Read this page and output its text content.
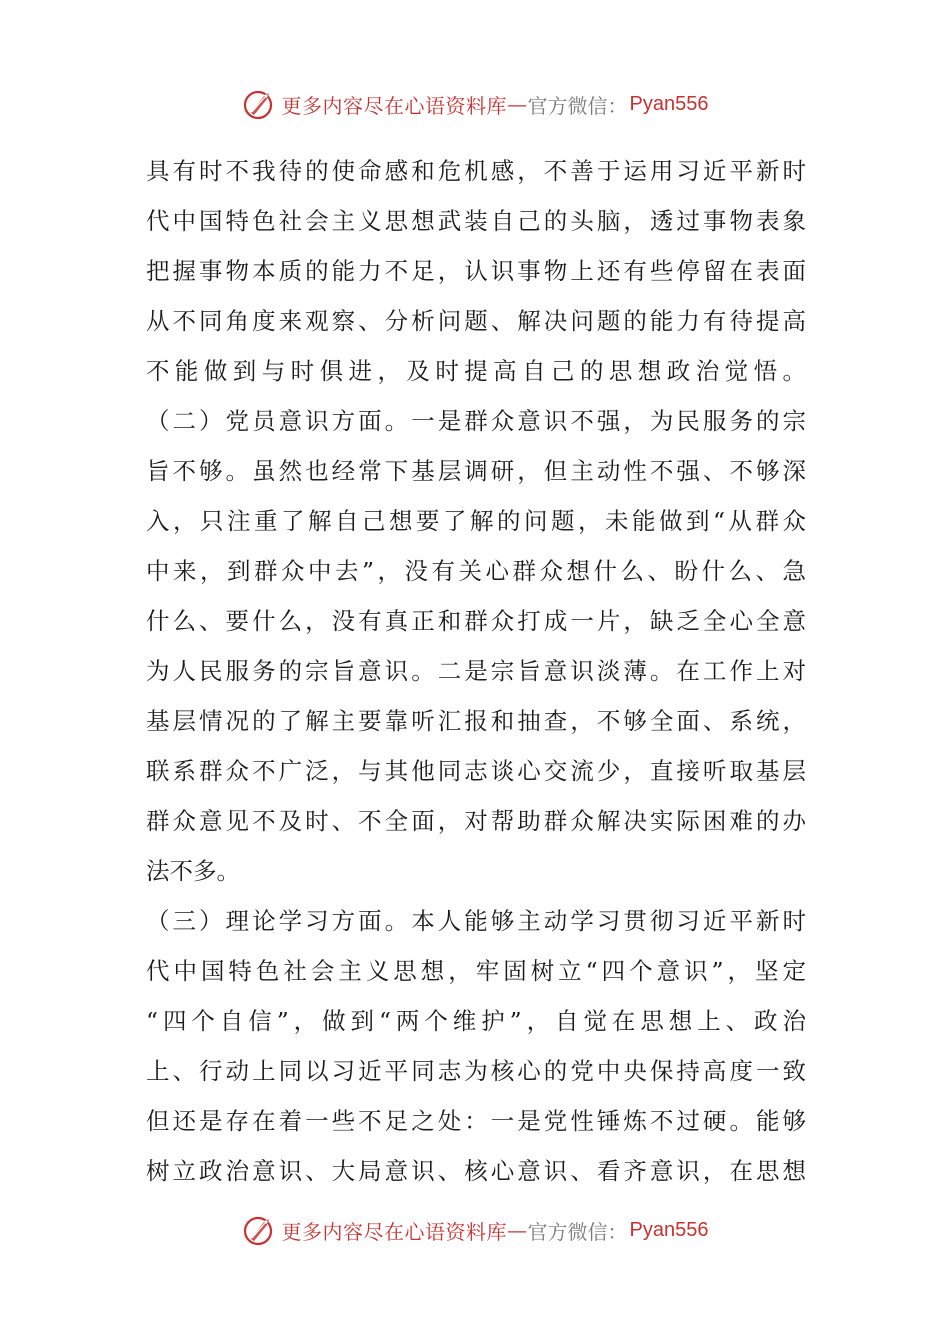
更多内容尽在心语资料库 — 官方微信： Pyan556
具有时不我待的使命感和危机感，不善于运用习近平新时
代中国特色社会主义思想武装自己的头脑，透过事物表象
把握事物本质的能力不足，认识事物上还有些停留在表面
从不同角度来观察、分析问题、解决问题的能力有待提高
不能做到与时俱进，及时提高自己的思想政治觉悟。
（二）党员意识方面。一是群众意识不强，为民服务的宗
旨不够。虽然也经常下基层调研，但主动性不强、不够深
入，只注重了解自己想要了解的问题，未能做到“从群众
中来，到群众中去”，没有关心群众想什么、盼什么、急
什么、要什么，没有真正和群众打成一片，缺乏全心全意
为人民服务的宗旨意识。二是宗旨意识淡薄。在工作上对
基层情况的了解主要靠听汇报和抽查，不够全面、系统，
联系群众不广泛，与其他同志谈心交流少，直接听取基层
群众意见不及时、不全面，对帮助群众解决实际困难的办
法不多。
（三）理论学习方面。本人能够主动学习贯彻习近平新时
代中国特色社会主义思想，牢固树立“四个意识”，坚定
“四个自信”，做到“两个维护”，自觉在思想上、政治
上、行动上同以习近平同志为核心的党中央保持高度一致
但还是存在着一些不足之处：一是党性锤炼不过硬。能够
树立政治意识、大局意识、核心意识、看齐意识，在思想
更多内容尽在心语资料库 — 官方微信： Pyan556
